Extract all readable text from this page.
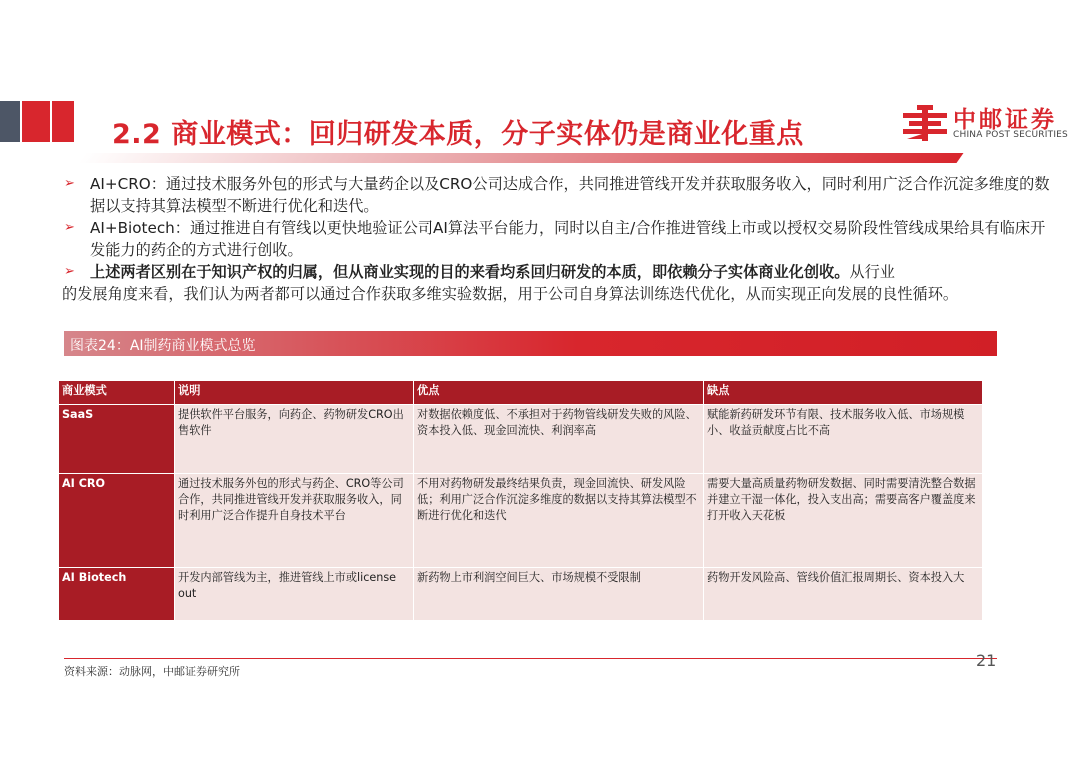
2.2 商业模式：回归研发本质，分子实体仍是商业化重点	中邮证券
CHINA POST SECURITIES
➢ AI+CRO：通过技术服务外包的形式与大量药企以及CRO公司达成合作，共同推进管线开发并获取服务收入，同时利用广泛合作沉淀多维度的数据以支持其算法模型不断进行优化和迭代。
➢ AI+Biotech：通过推进自有管线以更快地验证公司AI算法平台能力，同时以自主/合作推进管线上市或以授权交易阶段性管线成果给具有临床开发能力的药企的方式进行创收。
➢ 上述两者区别在于知识产权的归属，但从商业实现的目的来看均系回归研发的本质，即依赖分子实体商业化创收。从行业
的发展角度来看，我们认为两者都可以通过合作获取多维实验数据，用于公司自身算法训练迭代优化，从而实现正向发展的良性循环。
图表24：AI制药商业模式总览
商业模式	说明	优点	缺点
SaaS	提供软件平台服务，向药企、药物研发CRO出售软件	对数据依赖度低、不承担对于药物管线研发失败的风险、资本投入低、现金回流快、利润率高	赋能新药研发环节有限、技术服务收入低、市场规模小、收益贡献度占比不高
AI CRO	通过技术服务外包的形式与药企、CRO等公司合作，共同推进管线开发并获取服务收入，同时利用广泛合作提升自身技术平台	不用对药物研发最终结果负责，现金回流快、研发风险低；利用广泛合作沉淀多维度的数据以支持其算法模型不断进行优化和迭代	需要大量高质量药物研发数据、同时需要清洗整合数据并建立干湿一体化，投入支出高；需要高客户覆盖度来打开收入天花板
AI Biotech	开发内部管线为主，推进管线上市或license out	新药物上市利润空间巨大、市场规模不受限制	药物开发风险高、管线价值汇报周期长、资本投入大
资料来源：动脉网，中邮证券研究所
21
